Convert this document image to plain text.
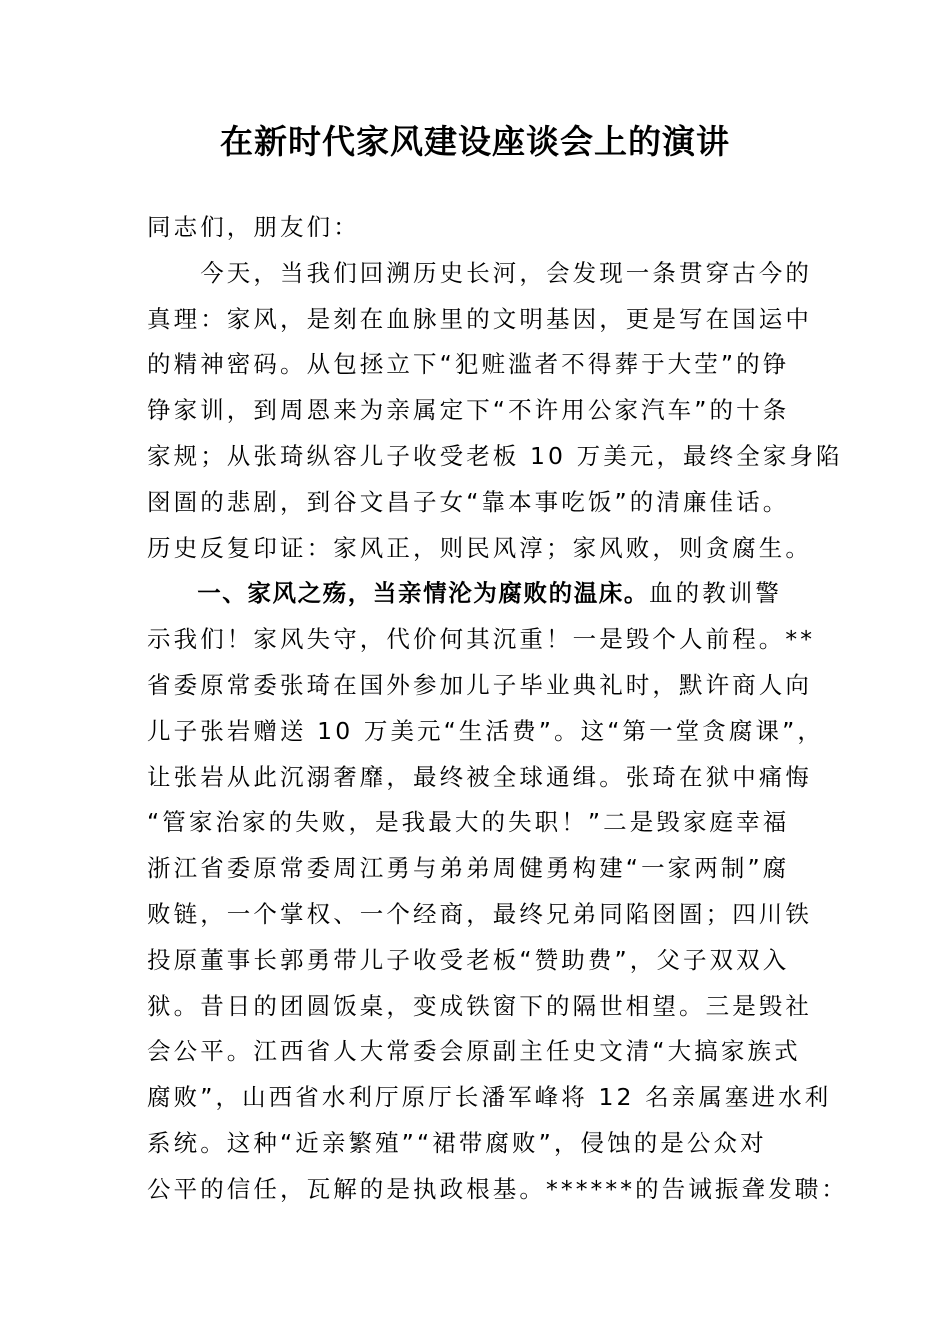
在新时代家风建设座谈会上的演讲
同志们，朋友们：
　　今天，当我们回溯历史长河，会发现一条贯穿古今的
真理：家风，是刻在血脉里的文明基因，更是写在国运中
的精神密码。从包拯立下“犯赃滥者不得葬于大茔”的铮
铮家训，到周恩来为亲属定下“不许用公家汽车”的十条
家规；从张琦纵容儿子收受老板 10 万美元，最终全家身陷
囹圄的悲剧，到谷文昌子女“靠本事吃饭”的清廉佳话。
历史反复印证：家风正，则民风淳；家风败，则贪腐生。
　　一、家风之殇，当亲情沦为腐败的温床。血的教训警
示我们！家风失守，代价何其沉重！一是毁个人前程。**
省委原常委张琦在国外参加儿子毕业典礼时，默许商人向
儿子张岩赠送 10 万美元“生活费”。这“第一堂贪腐课”，
让张岩从此沉溺奢靡，最终被全球通缉。张琦在狱中痛悔
“管家治家的失败，是我最大的失职！”二是毁家庭幸福
浙江省委原常委周江勇与弟弟周健勇构建“一家两制”腐
败链，一个掌权、一个经商，最终兄弟同陷囹圄；四川铁
投原董事长郭勇带儿子收受老板“赞助费”，父子双双入
狱。昔日的团圆饭桌，变成铁窗下的隔世相望。三是毁社
会公平。江西省人大常委会原副主任史文清“大搞家族式
腐败”，山西省水利厅原厅长潘军峰将 12 名亲属塞进水利
系统。这种“近亲繁殖”“裙带腐败”，侵蚀的是公众对
公平的信任，瓦解的是执政根基。******的告诫振聋发聩：
